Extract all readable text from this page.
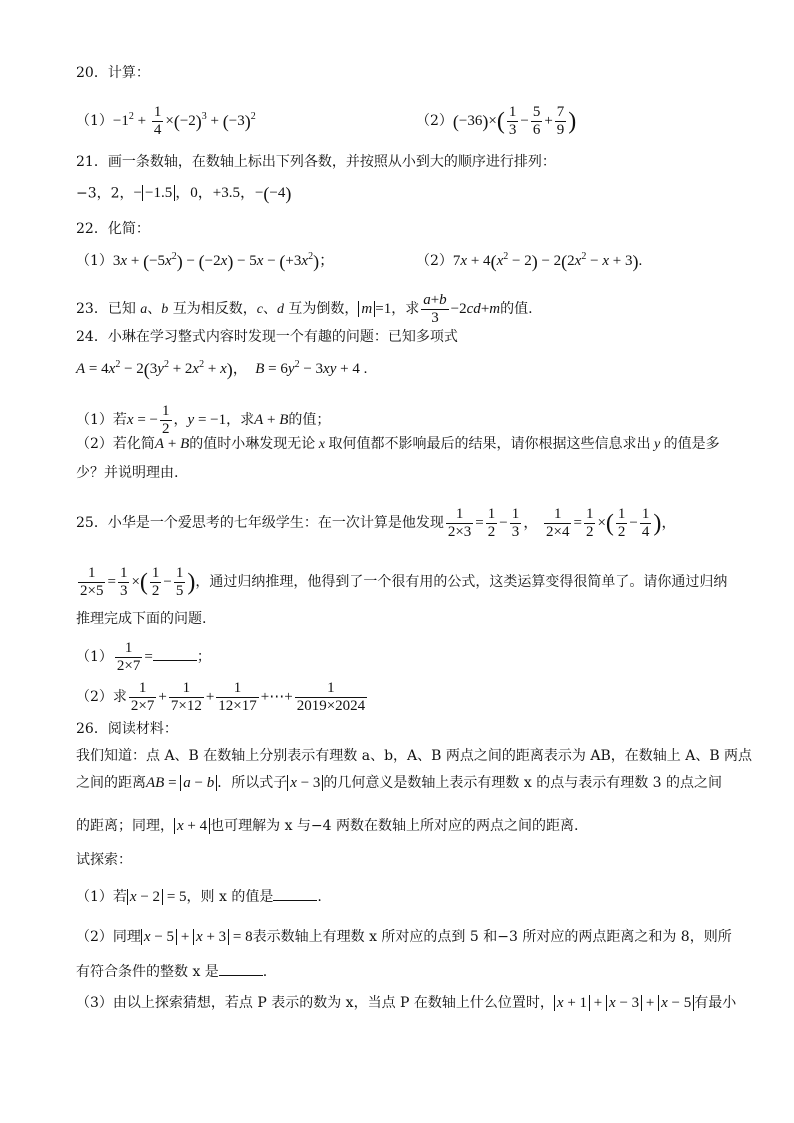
20．计算：
$(1)-1^2 + \frac{1}{4} \times(-2)^3 + (-3)^2$	$(2)(-36)\times( \frac{1}{3} - \frac{5}{6} + \frac{7}{9}$ )
21．画一条数轴，在数轴上标出下列各数，并按照从小到大的顺序进行排列：
−3，2，− −1.5 ，0，+3.5，−(−4)
22．化简：
$(1)3x + (-5x^2) - (-2x) - 5x - (+3x^2)$；	$(2)7x + 4(x^2 - 2) - 2(2x^2 - x + 3)$.
23．已知 a、b 互为相反数，c、d 互为倒数， m =1，求 $\frac{a+b}{3} -2cd+m$的值.
24．小琳在学习整式内容时发现一个有趣的问题：已知多项式
$A = 4x^2 - 2(3y^2 + 2x^2 + x)$，  $B = 6y^2 - 3xy + 4$ .
（1）若x = − $\frac{1}{2}$ ，y = −1，求A + B的值；
（2）若化简A + B的值时小琳发现无论 x 取何值都不影响最后的结果，请你根据这些信息求出 y 的值是多
少？并说明理由.
25．小华是一个爱思考的七年级学生：在一次计算是他发现 $\frac{1}{2\times 3} = \frac{1}{2} - \frac{1}{3}$ ， $\frac{1}{2\times 4} = \frac{1}{2}$ ×( $\frac{1}{2} - \frac{1}{4}$ )，
$\frac{1}{2\times 5} = \frac{1}{3}$ ×( $\frac{1}{2} - \frac{1}{5}$ )，通过归纳推理，他得到了一个很有用的公式，这类运算变得很简单了。请你通过归纳
推理完成下面的问题.
$(1) \frac{1}{2\times 7}$ =	；
（2）求 $\frac{1}{2\times 7} + \frac{1}{7\times 12} + \frac{1}{12\times 17}$ +⋯+ $\frac{1}{2019\times 2024}$
26．阅读材料：
我们知道：点 A、B 在数轴上分别表示有理数 a、b，A、B 两点之间的距离表示为 AB，在数轴上 A、B 两点
之间的距离AB = a − b ．所以式子 x − 3 的几何意义是数轴上表示有理数 x 的点与表示有理数 3 的点之间
的距离；同理， x + 4 也可理解为 x 与−4 两数在数轴上所对应的两点之间的距离.
试探索：
（1）若 x − 2 = 5，则 x 的值是	.
（2）同理 x − 5 + x + 3 = 8表示数轴上有理数 x 所对应的点到 5 和−3 所对应的两点距离之和为 8，则所
有符合条件的整数 x 是	.
（3）由以上探索猜想，若点 P 表示的数为 x，当点 P 在数轴上什么位置时， x + 1 + x − 3 + x − 5 有最小
